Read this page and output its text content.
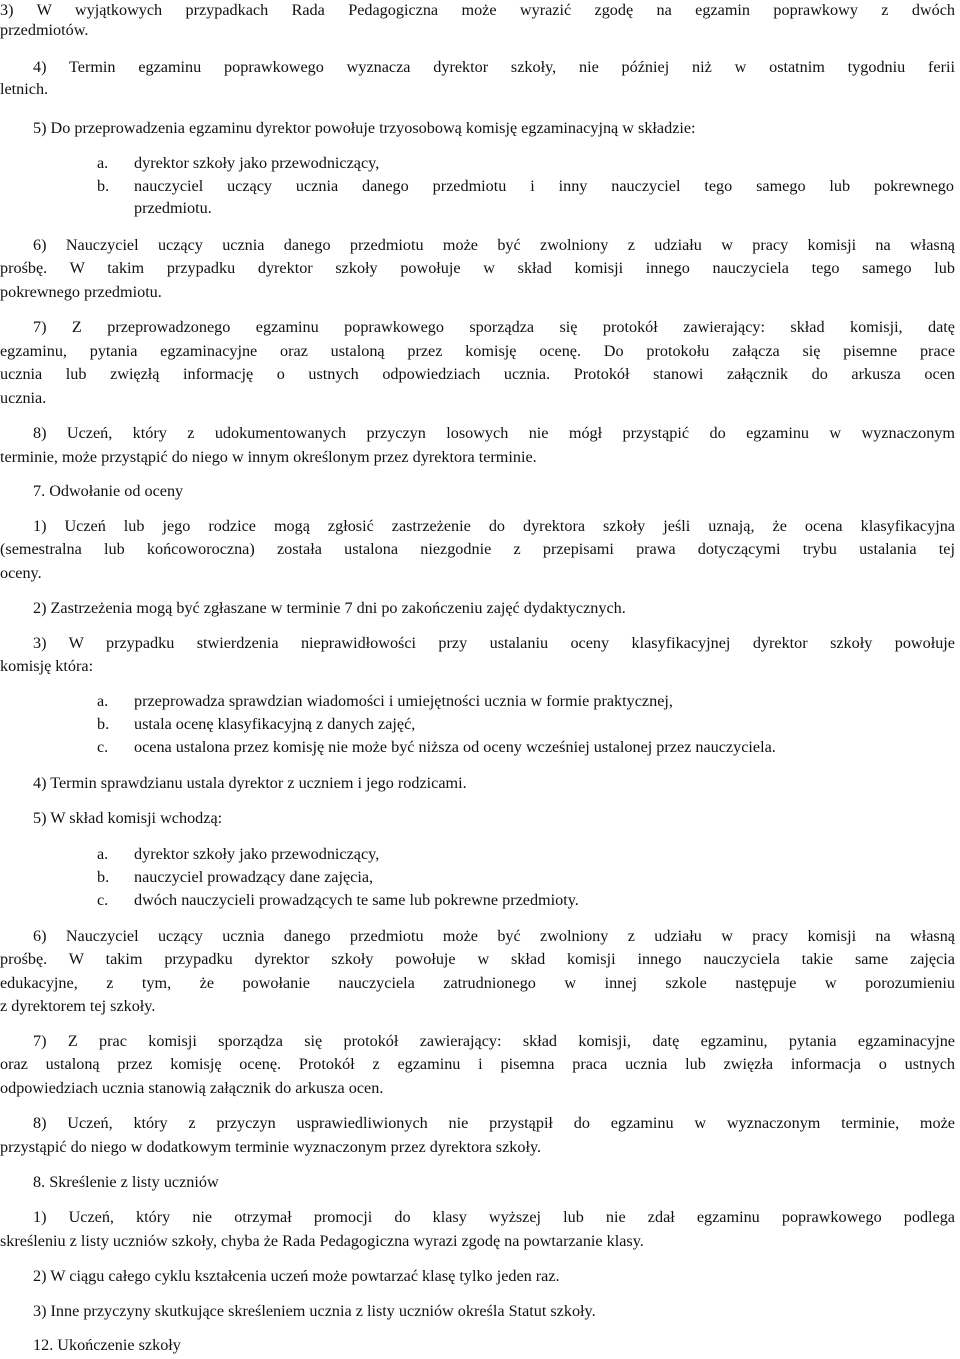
3) W wyjątkowych przypadkach Rada Pedagogiczna może wyrazić zgodę na egzamin poprawkowy z dwóch
przedmiotów.
4) Termin egzaminu poprawkowego wyznacza dyrektor szkoły, nie później niż w ostatnim tygodniu ferii
letnich.
5) Do przeprowadzenia egzaminu dyrektor powołuje trzyosobową komisję egzaminacyjną w składzie:
a. dyrektor szkoły jako przewodniczący,
b. nauczyciel uczący ucznia danego przedmiotu i inny nauczyciel tego samego lub pokrewnego
przedmiotu.
6) Nauczyciel uczący ucznia danego przedmiotu może być zwolniony z udziału w pracy komisji na własną
prośbę. W takim przypadku dyrektor szkoły powołuje w skład komisji innego nauczyciela tego samego lub
pokrewnego przedmiotu.
7) Z przeprowadzonego egzaminu poprawkowego sporządza się protokół zawierający: skład komisji, datę
egzaminu, pytania egzaminacyjne oraz ustaloną przez komisję ocenę. Do protokołu załącza się pisemne prace
ucznia lub zwięzłą informację o ustnych odpowiedziach ucznia. Protokół stanowi załącznik do arkusza ocen
ucznia.
8) Uczeń, który z udokumentowanych przyczyn losowych nie mógł przystąpić do egzaminu w wyznaczonym
terminie, może przystąpić do niego w innym określonym przez dyrektora terminie.
7. Odwołanie od oceny
1) Uczeń lub jego rodzice mogą zgłosić zastrzeżenie do dyrektora szkoły jeśli uznają, że ocena klasyfikacyjna
(semestralna lub końcoworoczna) została ustalona niezgodnie z przepisami prawa dotyczącymi trybu ustalania tej
oceny.
2) Zastrzeżenia mogą być zgłaszane w terminie 7 dni po zakończeniu zajęć dydaktycznych.
3) W przypadku stwierdzenia nieprawidłowości przy ustalaniu oceny klasyfikacyjnej dyrektor szkoły powołuje
komisję która:
a. przeprowadza sprawdzian wiadomości i umiejętności ucznia w formie praktycznej,
b. ustala ocenę klasyfikacyjną z danych zajęć,
c. ocena ustalona przez komisję nie może być niższa od oceny wcześniej ustalonej przez nauczyciela.
4) Termin sprawdzianu ustala dyrektor z uczniem i jego rodzicami.
5) W skład komisji wchodzą:
a. dyrektor szkoły jako przewodniczący,
b. nauczyciel prowadzący dane zajęcia,
c. dwóch nauczycieli prowadzących te same lub pokrewne przedmioty.
6) Nauczyciel uczący ucznia danego przedmiotu może być zwolniony z udziału w pracy komisji na własną
prośbę. W takim przypadku dyrektor szkoły powołuje w skład komisji innego nauczyciela takie same zajęcia
edukacyjne, z tym, że powołanie nauczyciela zatrudnionego w innej szkole następuje w porozumieniu
z dyrektorem tej szkoły.
7) Z prac komisji sporządza się protokół zawierający: skład komisji, datę egzaminu, pytania egzaminacyjne
oraz ustaloną przez komisję ocenę. Protokół z egzaminu i pisemna praca ucznia lub zwięzła informacja o ustnych
odpowiedziach ucznia stanowią załącznik do arkusza ocen.
8) Uczeń, który z przyczyn usprawiedliwionych nie przystąpił do egzaminu w wyznaczonym terminie, może
przystąpić do niego w dodatkowym terminie wyznaczonym przez dyrektora szkoły.
8. Skreślenie z listy uczniów
1) Uczeń, który nie otrzymał promocji do klasy wyższej lub nie zdał egzaminu poprawkowego podlega
skreśleniu z listy uczniów szkoły, chyba że Rada Pedagogiczna wyrazi zgodę na powtarzanie klasy.
2) W ciągu całego cyklu kształcenia uczeń może powtarzać klasę tylko jeden raz.
3) Inne przyczyny skutkujące skreśleniem ucznia z listy uczniów określa Statut szkoły.
12. Ukończenie szkoły
